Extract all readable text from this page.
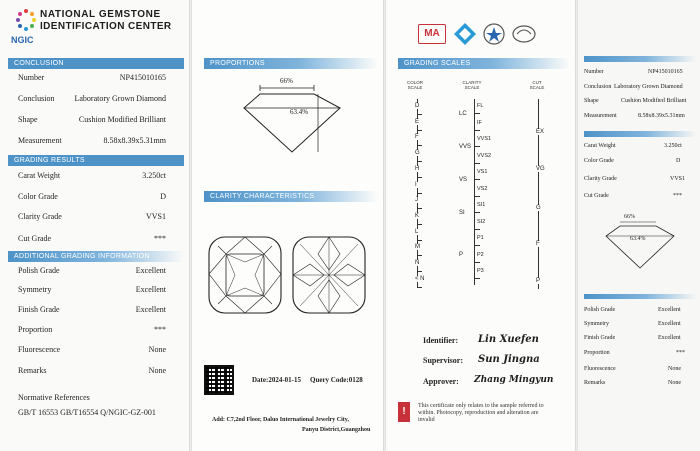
NGIC
NATIONAL GEMSTONE
IDENTIFICATION CENTER
CONCLUSION
Number	NP415010165
Conclusion	Laboratory Grown Diamond
Shape	Cushion Modified Brilliant
Measurement	8.58x8.39x5.31mm
GRADING RESULTS
Carat Weight	3.250ct
Color Grade	D
Clarity Grade	VVS1
Cut Grade	***
ADDITIONAL GRADING INFORMATION
Polish Grade	Excellent
Symmetry	Excellent
Finish Grade	Excellent
Proportion	***
Fluorescence	None
Remarks	None
Normative References
GB/T 16553 GB/T16554 Q/NGIC-GZ-001
PROPORTIONS
66%
63.4%
CLARITY CHARACTERISTICS
Date:2024-01-15 Query Code:0128
Add: C7,2nd Floor, Daluo International Jewelry City,
Panyu District,Guangzhou
MA
GRADING SCALES
COLOR SCALE
CLARITY SCALE
CUT SCALE
D
E
F
G
H
I
J
K
L
M
N
< N
FL
IF
VVS1
VVS2
VS1
VS2
SI1
SI2
P1
P2
P3
LC
VVS
VS
SI
P
EX
VG
G
F
P
Identifier: Lin Xuefen
Supervisor: Sun Jingna
Approver: Zhang Mingyun
!	This certificate only relates to the sample referred to within. Photocopy, reproduction and alteration are invalid
Number	NP415010165
Conclusion Laboratory Grown Diamond
Shape	Cushion Modified Brilliant
Measurement	8.58x8.39x5.31mm
Carat Weight	3.250ct
Color Grade	D
Clarity Grade	VVS1
Cut Grade	***
66%
63.4%
Polish Grade	Excellent
Symmetry	Excellent
Finish Grade	Excellent
Proportion	***
Fluorescence	None
Remarks	None
